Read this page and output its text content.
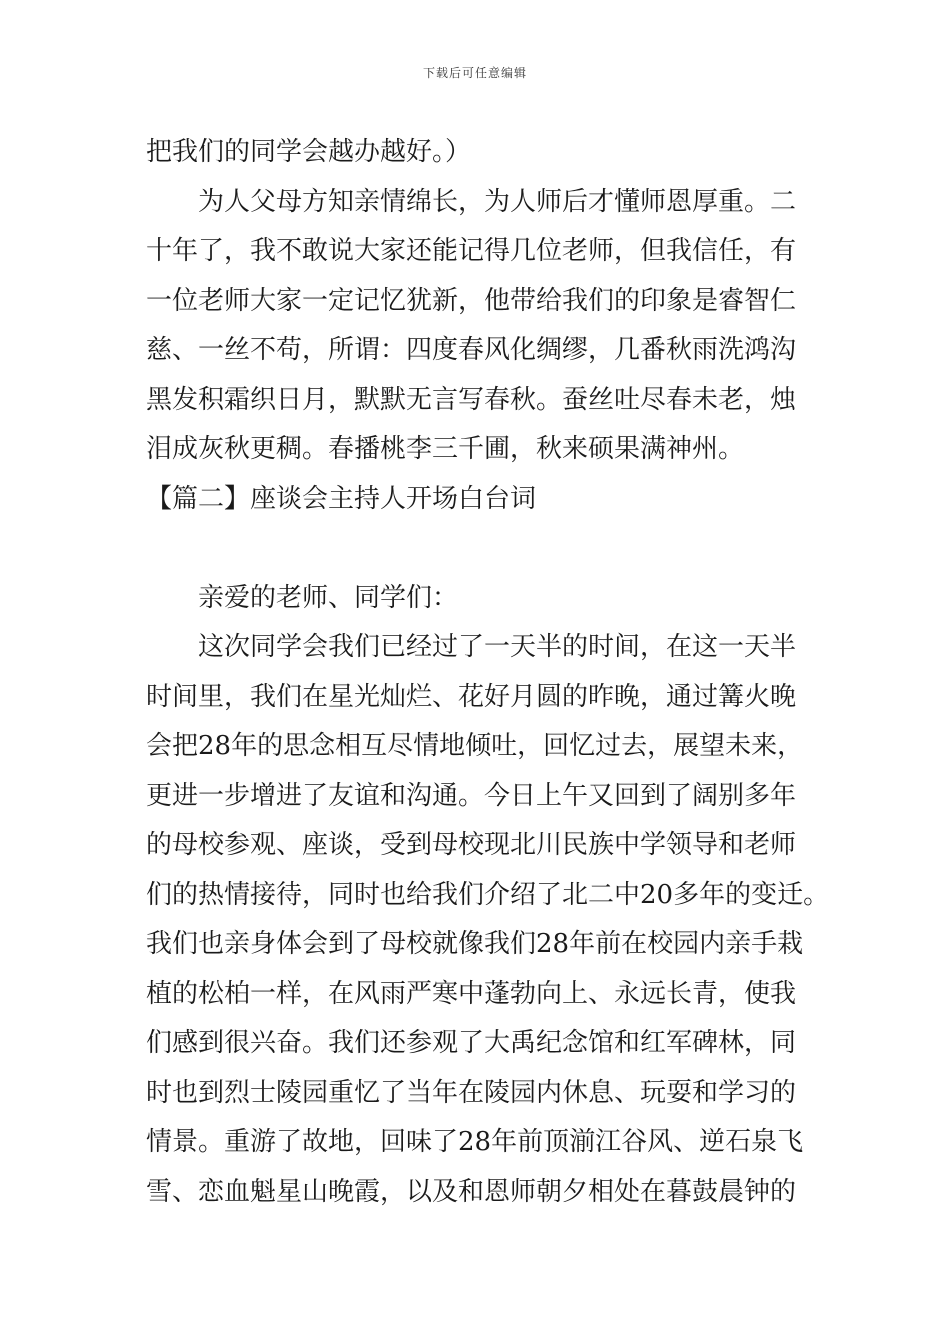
下载后可任意编辑
把我们的同学会越办越好。）
为人父母方知亲情绵长，为人师后才懂师恩厚重。二
十年了，我不敢说大家还能记得几位老师，但我信任，有
一位老师大家一定记忆犹新，他带给我们的印象是睿智仁
慈、一丝不苟，所谓：四度春风化绸缪，几番秋雨洗鸿沟
黑发积霜织日月，默默无言写春秋。蚕丝吐尽春未老，烛
泪成灰秋更稠。春播桃李三千圃，秋来硕果满神州。
【篇二】座谈会主持人开场白台词
亲爱的老师、同学们：
这次同学会我们已经过了一天半的时间，在这一天半
时间里，我们在星光灿烂、花好月圆的昨晚，通过篝火晚
会把28年的思念相互尽情地倾吐，回忆过去，展望未来，
更进一步增进了友谊和沟通。今日上午又回到了阔别多年
的母校参观、座谈，受到母校现北川民族中学领导和老师
们的热情接待，同时也给我们介绍了北二中20多年的变迁。
我们也亲身体会到了母校就像我们28年前在校园内亲手栽
植的松柏一样，在风雨严寒中蓬勃向上、永远长青，使我
们感到很兴奋。我们还参观了大禹纪念馆和红军碑林，同
时也到烈士陵园重忆了当年在陵园内休息、玩耍和学习的
情景。重游了故地，回味了28年前顶湔江谷风、逆石泉飞
雪、恋血魁星山晚霞，以及和恩师朝夕相处在暮鼓晨钟的
